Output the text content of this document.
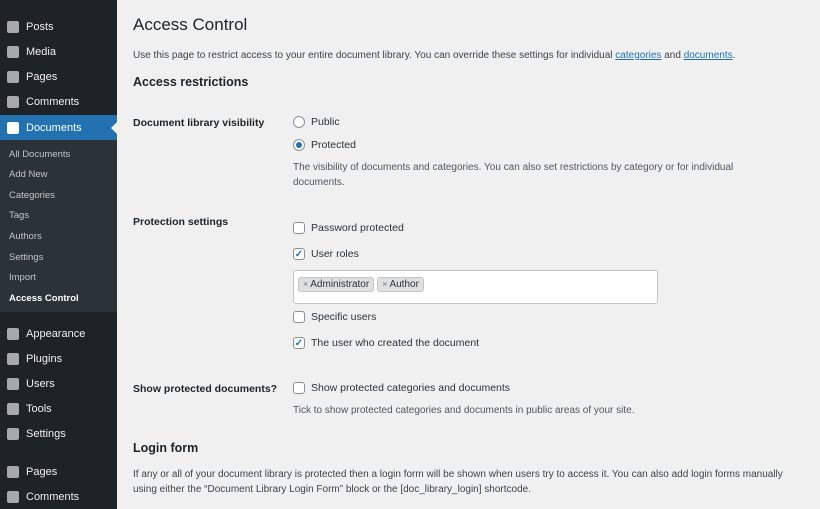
Posts
Media
Pages
Comments
Documents
All Documents
Add New
Categories
Tags
Authors
Settings
Import
Access Control
Appearance
Plugins
Users
Tools
Settings
Pages
Comments
Access Control
Use this page to restrict access to your entire document library. You can override these settings for individual categories and documents.
Access restrictions
Document library visibility	Public
Protected
The visibility of documents and categories. You can also set restrictions by category or for individual documents.
Protection settings	Password protected
✓ User roles
× Administrator × Author
Specific users
✓ The user who created the document
Show protected documents?	Show protected categories and documents
Tick to show protected categories and documents in public areas of your site.
Login form
If any or all of your document library is protected then a login form will be shown when users try to access it. You can also add login forms manually using either the “Document Library Login Form” block or the [doc_library_login] shortcode.
